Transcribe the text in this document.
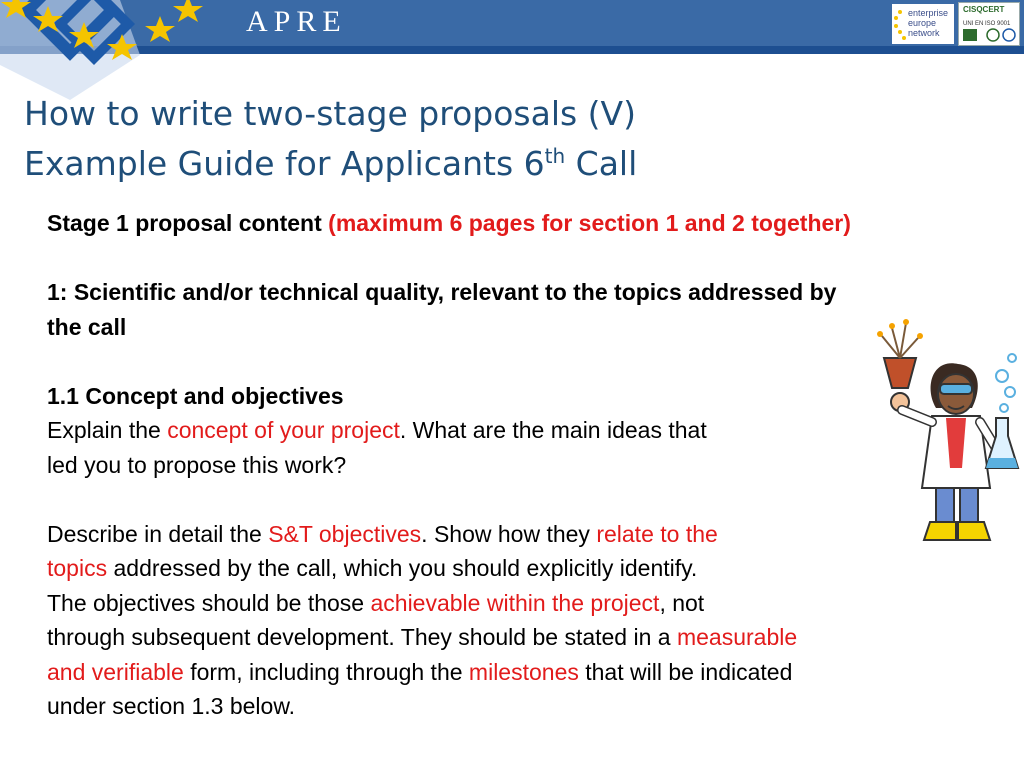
APRE	enterprise
europe
network
CISQCERT
UNI EN ISO 9001
How to write two-stage proposals (V)
Example Guide for Applicants 6th Call

Stage 1 proposal content (maximum 6 pages for section 1 and 2 together)

1: Scientific and/or technical quality, relevant to the topics addressed by the call

1.1 Concept and objectives

Explain the concept of your project. What are the main ideas that
led you to propose this work?

Describe in detail the S&T objectives. Show how they relate to the
topics addressed by the call, which you should explicitly identify.
The objectives should be those achievable within the project, not
through subsequent development. They should be stated in a measurable
and verifiable form, including through the milestones that will be indicated
under section 1.3 below.
